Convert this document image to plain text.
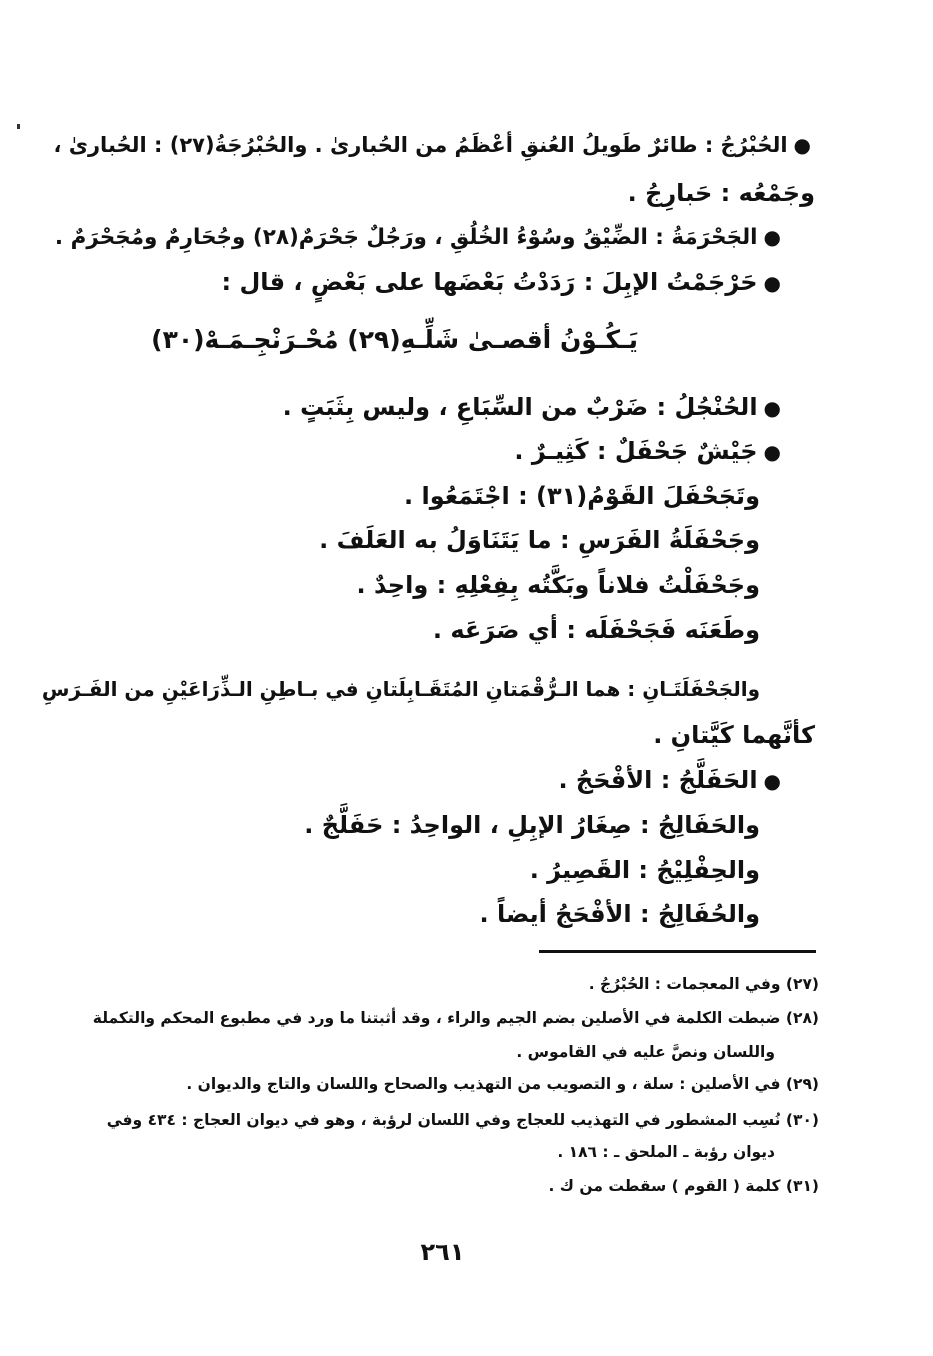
●الحُبْرُجُ : طائرٌ طَويلُ العُنقِ أعْظَمُ من الحُبارىٰ . والحُبْرُجَةُ(٢٧) : الحُبارىٰ ،
وجَمْعُه : حَبارِجُ .
●الجَحْرَمَةُ : الضِّيْقُ وسُوْءُ الخُلُقِ ، ورَجُلٌ جَحْرَمٌ(٢٨) وجُحَارِمٌ ومُجَحْرَمٌ .
●حَرْجَمْتُ الإبِلَ : رَدَدْتُ بَعْضَها على بَعْضٍ ، قال :
يَـكُـوْنُ أقصـىٰ شَلِّـهِ(٢٩) مُحْـرَنْجِـمَـهْ(٣٠)
●الحُنْجُلُ : ضَرْبٌ من السِّبَاعِ ، وليس بِثَبَتٍ .
●جَيْشٌ جَحْفَلٌ : كَثِيـرٌ .
وتَجَحْفَلَ القَوْمُ(٣١) : اجْتَمَعُوا .
وجَحْفَلَةُ الفَرَسِ : ما يَتَنَاوَلُ به العَلَفَ .
وجَحْفَلْتُ فلاناً وبَكَّتُه بِفِعْلِهِ : واحِدٌ .
وطَعَنَه فَجَحْفَلَه : أي صَرَعَه .
والجَحْفَلَتَـانِ : هما الـرُّقْمَتانِ المُتَقَـابِلَتانِ في بـاطِنِ الـذِّرَاعَيْنِ من الفَـرَسِ
كأنَّهما كَيَّتانِ .
●الحَفَلَّجُ : الأفْحَجُ .
والحَفَالِجُ : صِغَارُ الإبِلِ ، الواحِدُ : حَفَلَّجٌ .
والحِفْلِيْجُ : القَصِيرُ .
والحُفَالِجُ : الأفْحَجُ أيضاً .
(٢٧) وفي المعجمات : الحُبْرُجُ .
(٢٨) ضبطت الكلمة في الأصلين بضم الجيم والراء ، وقد أثبتنا ما ورد في مطبوع المحكم والتكملة
واللسان ونصَّ عليه في القاموس .
(٢٩) في الأصلين : سلة ، و التصويب من التهذيب والصحاح واللسان والتاج والديوان .
(٣٠) نُسِب المشطور في التهذيب للعجاج وفي اللسان لرؤبة ، وهو في ديوان العجاج : ٤٣٤ وفي
ديوان رؤبة ـ الملحق ـ : ١٨٦ .
(٣١) كلمة ( القوم ) سقطت من ك .
٢٦١
